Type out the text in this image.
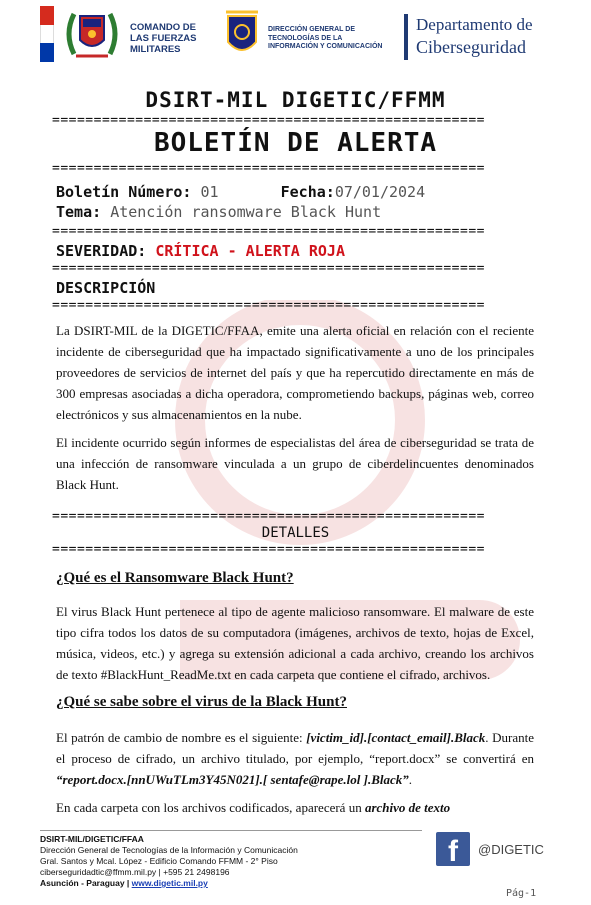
COMANDO DE
LAS FUERZAS
MILITARES
DIRECCIÓN GENERAL DE
TECNOLOGÍAS DE LA
INFORMACIÓN Y COMUNICACIÓN
Departamento de
Ciberseguridad
DSIRT-MIL DIGETIC/FFMM
====================================================
BOLETÍN DE ALERTA
====================================================
Boletín Número: 01	Fecha:07/01/2024
Tema: Atención ransomware Black Hunt
====================================================
SEVERIDAD: CRÍTICA - ALERTA ROJA
====================================================
DESCRIPCIÓN
====================================================
La DSIRT-MIL de la DIGETIC/FFAA, emite una alerta oficial en relación con el reciente incidente de ciberseguridad que ha impactado significativamente a uno de los principales proveedores de servicios de internet del país y que ha repercutido directamente en más de 300 empresas asociadas a dicha operadora, comprometiendo backups, páginas web, correo electrónicos y sus almacenamientos en la nube.
El incidente ocurrido según informes de especialistas del área de ciberseguridad se trata de una infección de ransomware vinculada a un grupo de ciberdelincuentes denominados Black Hunt.
====================================================
DETALLES
====================================================
¿Qué es el Ransomware Black Hunt?
El virus Black Hunt pertenece al tipo de agente malicioso ransomware. El malware de este tipo cifra todos los datos de su computadora (imágenes, archivos de texto, hojas de Excel, música, videos, etc.) y agrega su extensión adicional a cada archivo, creando los archivos de texto #BlackHunt_ReadMe.txt en cada carpeta que contiene el cifrado, archivos.
¿Qué se sabe sobre el virus de la Black Hunt?
El patrón de cambio de nombre es el siguiente: [victim_id].[contact_email].Black. Durante el proceso de cifrado, un archivo titulado, por ejemplo, “report.docx” se convertirá en “report.docx.[nnUWuTLm3Y45N021].[ sentafe@rape.lol ].Black”.
En cada carpeta con los archivos codificados, aparecerá un archivo de texto
DSIRT-MIL/DIGETIC/FFAA
Dirección General de Tecnologías de la Información y Comunicación
Gral. Santos y Mcal. López - Edificio Comando FFMM - 2° Piso
ciberseguridadtic@ffmm.mil.py | +595 21 2498196
Asunción - Paraguay | www.digetic.mil.py
f	@DIGETIC
Pág-1
